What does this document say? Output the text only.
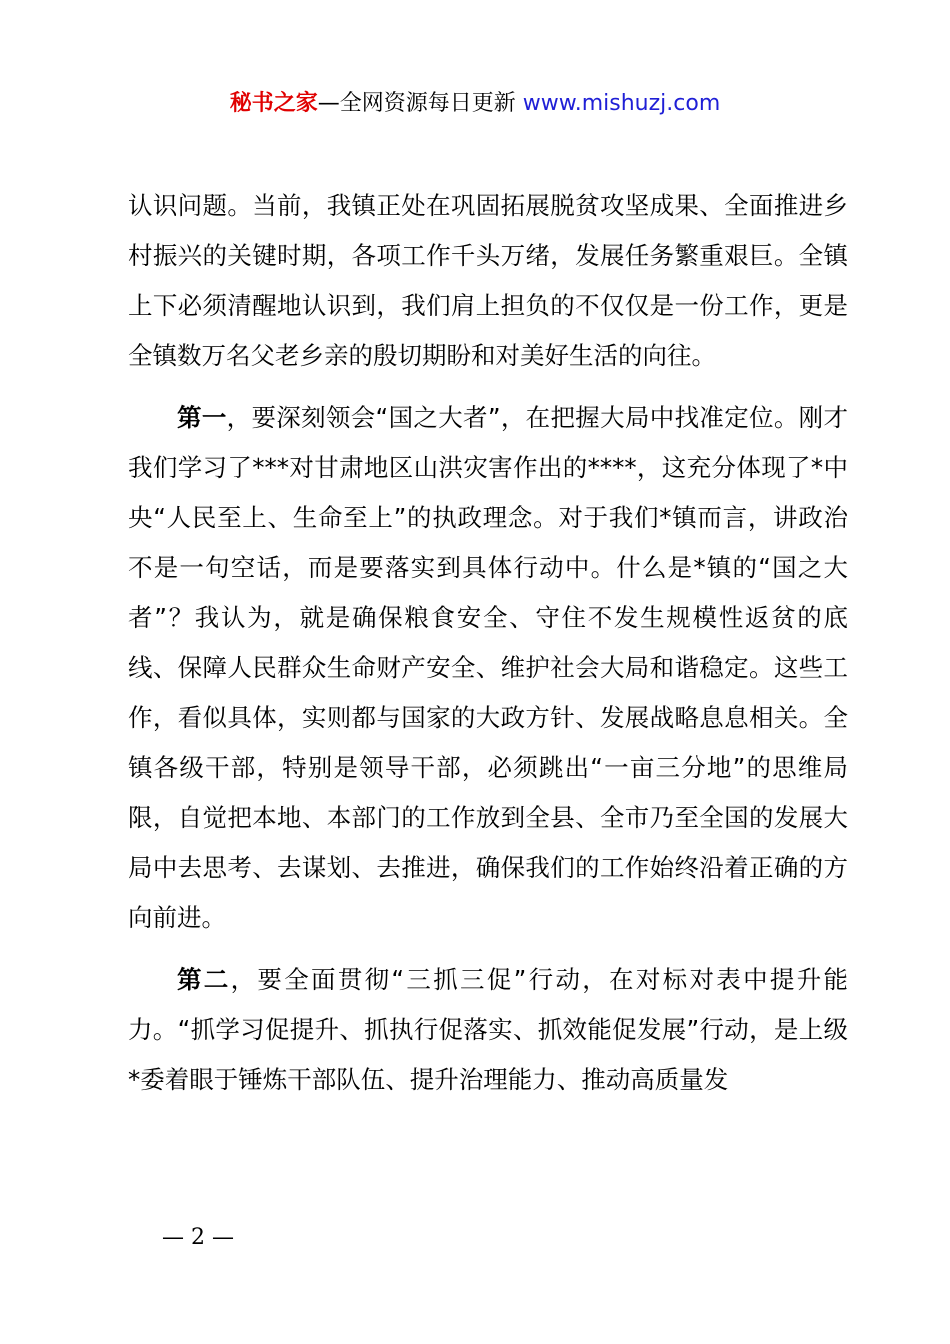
秘书之家—全网资源每日更新 www.mishuzj.com

认识问题。当前，我镇正处在巩固拓展脱贫攻坚成果、全面推进乡村振兴的关键时期，各项工作千头万绪，发展任务繁重艰巨。全镇上下必须清醒地认识到，我们肩上担负的不仅仅是一份工作，更是全镇数万名父老乡亲的殷切期盼和对美好生活的向往。

第一，要深刻领会“国之大者”，在把握大局中找准定位。刚才我们学习了***对甘肃地区山洪灾害作出的****，这充分体现了*中央“人民至上、生命至上”的执政理念。对于我们*镇而言，讲政治不是一句空话，而是要落实到具体行动中。什么是*镇的“国之大者”？我认为，就是确保粮食安全、守住不发生规模性返贫的底线、保障人民群众生命财产安全、维护社会大局和谐稳定。这些工作，看似具体，实则都与国家的大政方针、发展战略息息相关。全镇各级干部，特别是领导干部，必须跳出“一亩三分地”的思维局限，自觉把本地、本部门的工作放到全县、全市乃至全国的发展大局中去思考、去谋划、去推进，确保我们的工作始终沿着正确的方向前进。

第二，要全面贯彻“三抓三促”行动，在对标对表中提升能力。“抓学习促提升、抓执行促落实、抓效能促发展”行动，是上级*委着眼于锤炼干部队伍、提升治理能力、推动高质量发

— 2 —
